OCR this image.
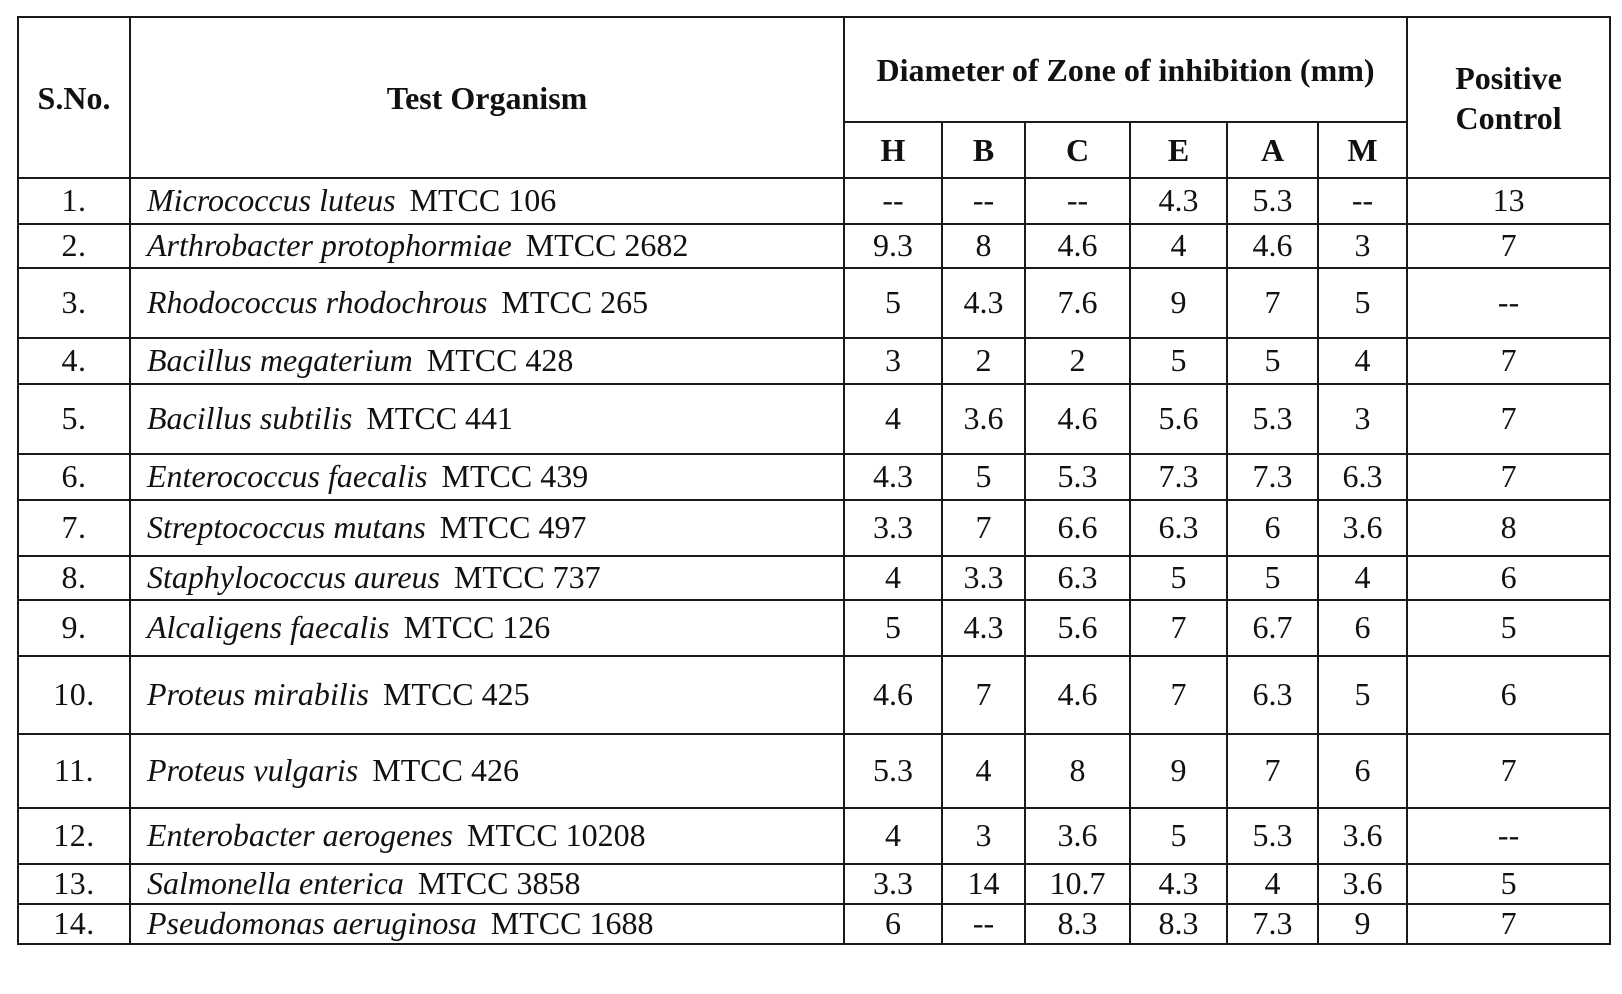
S.No.	Test Organism	Diameter of Zone of inhibition (mm)						Positive Control
		H	B	C	E	A	M	
1.	Micrococcus luteus MTCC 106	--	--	--	4.3	5.3	--	13
2.	Arthrobacter protophormiae MTCC 2682	9.3	8	4.6	4	4.6	3	7
3.	Rhodococcus rhodochrous MTCC 265	5	4.3	7.6	9	7	5	--
4.	Bacillus megaterium MTCC 428	3	2	2	5	5	4	7
5.	Bacillus subtilis MTCC 441	4	3.6	4.6	5.6	5.3	3	7
6.	Enterococcus faecalis MTCC 439	4.3	5	5.3	7.3	7.3	6.3	7
7.	Streptococcus mutans MTCC 497	3.3	7	6.6	6.3	6	3.6	8
8.	Staphylococcus aureus MTCC 737	4	3.3	6.3	5	5	4	6
9.	Alcaligens faecalis MTCC 126	5	4.3	5.6	7	6.7	6	5
10.	Proteus mirabilis MTCC 425	4.6	7	4.6	7	6.3	5	6
11.	Proteus vulgaris MTCC 426	5.3	4	8	9	7	6	7
12.	Enterobacter aerogenes MTCC 10208	4	3	3.6	5	5.3	3.6	--
13.	Salmonella enterica MTCC 3858	3.3	14	10.7	4.3	4	3.6	5
14.	Pseudomonas aeruginosa MTCC 1688	6	--	8.3	8.3	7.3	9	7
